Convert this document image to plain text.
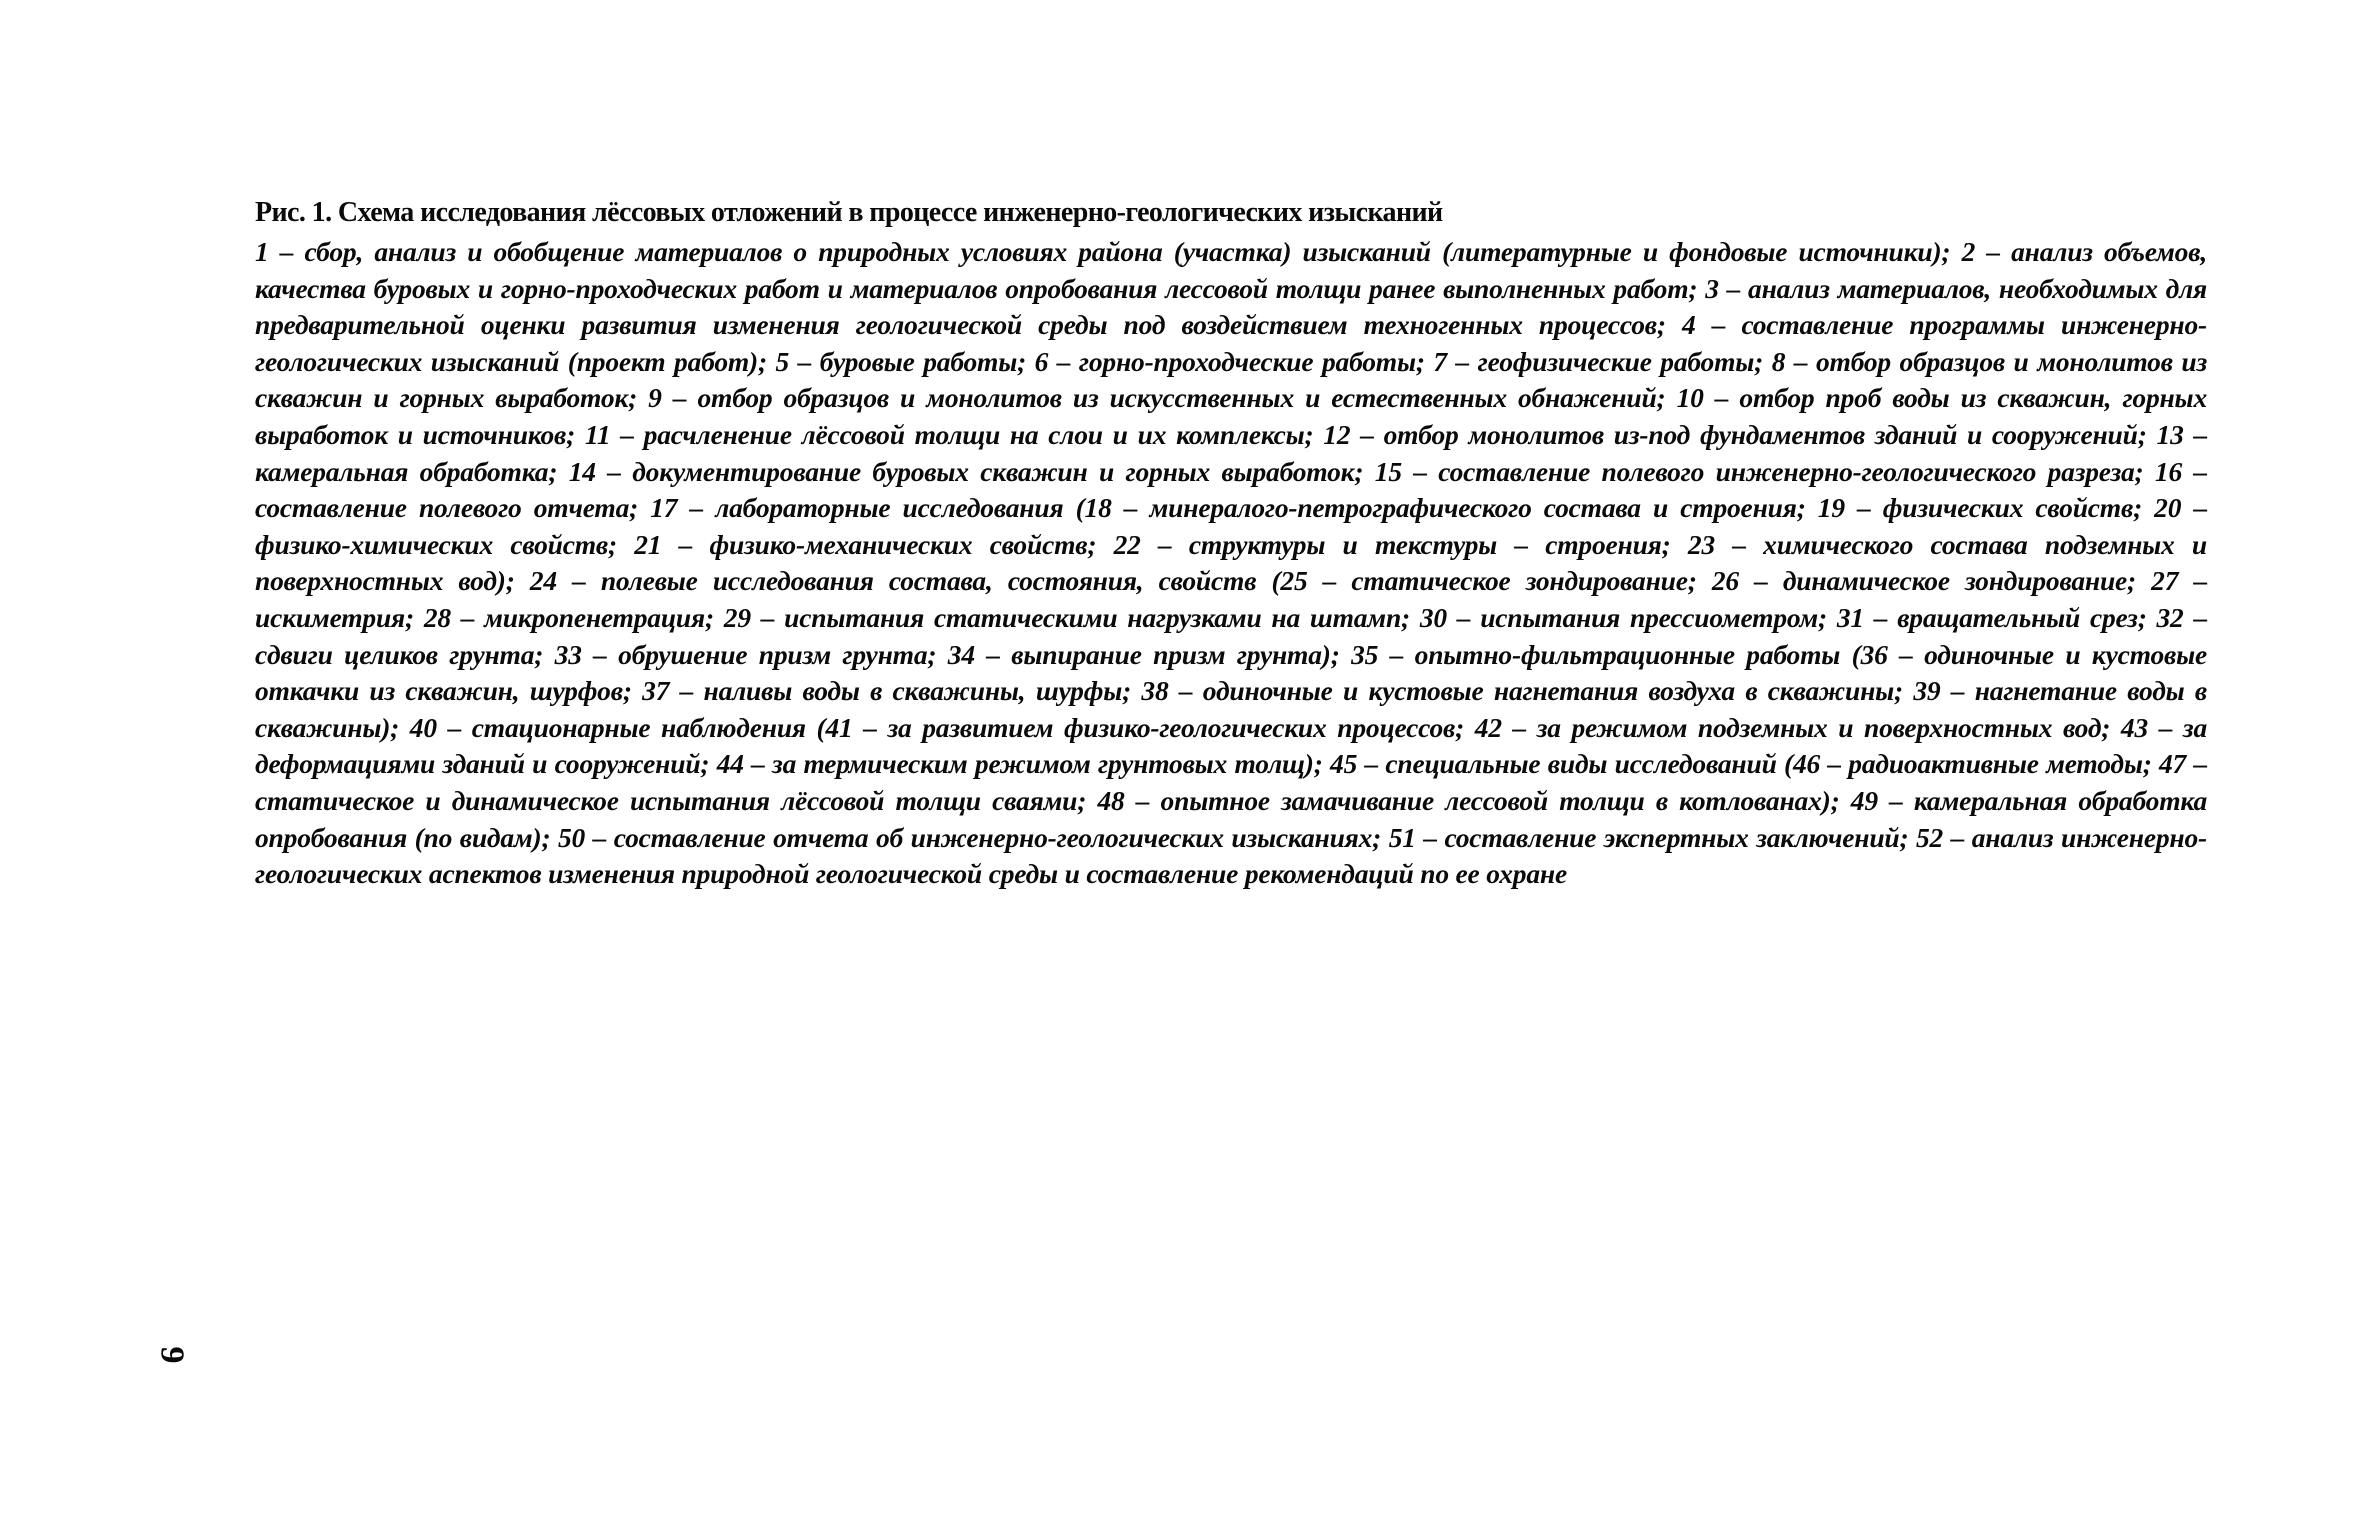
Рис. 1. Схема исследования лёссовых отложений в процессе инженерно-геологических изысканий

1 – сбор, анализ и обобщение материалов о природных условиях района (участка) изысканий (литературные и фондовые источники); 2 – анализ объемов, качества буровых и горно-проходческих работ и материалов опробования лессовой толщи ранее выполненных работ; 3 – анализ материалов, необходимых для предварительной оценки развития изменения геологической среды под воздействием техногенных процессов; 4 – составление программы инженерно-геологических изысканий (проект работ); 5 – буровые работы; 6 – горно-проходческие работы; 7 – геофизические работы; 8 – отбор образцов и монолитов из скважин и горных выработок; 9 – отбор образцов и монолитов из искусственных и естественных обнажений; 10 – отбор проб воды из скважин, горных выработок и источников; 11 – расчленение лёссовой толщи на слои и их комплексы; 12 – отбор монолитов из-под фундаментов зданий и сооружений; 13 – камеральная обработка; 14 – документирование буровых скважин и горных выработок; 15 – составление полевого инженерно-геологического разреза; 16 – составление полевого отчета; 17 – лабораторные исследования (18 – минералого-петрографического состава и строения; 19 – физических свойств; 20 – физико-химических свойств; 21 – физико-механических свойств; 22 – структуры и текстуры – строения; 23 – химического состава подземных и поверхностных вод); 24 – полевые исследования состава, состояния, свойств (25 – статическое зондирование; 26 – динамическое зондирование; 27 – искиметрия; 28 – микропенетрация; 29 – испытания статическими нагрузками на штамп; 30 – испытания прессиометром; 31 – вращательный срез; 32 – сдвиги целиков грунта; 33 – обрушение призм грунта; 34 – выпирание призм грунта); 35 – опытно-фильтрационные работы (36 – одиночные и кустовые откачки из скважин, шурфов; 37 – наливы воды в скважины, шурфы; 38 – одиночные и кустовые нагнетания воздуха в скважины; 39 – нагнетание воды в скважины); 40 – стационарные наблюдения (41 – за развитием физико-геологических процессов; 42 – за режимом подземных и поверхностных вод; 43 – за деформациями зданий и сооружений; 44 – за термическим режимом грунтовых толщ); 45 – специальные виды исследований (46 – радиоактивные методы; 47 – статическое и динамическое испытания лёссовой толщи сваями; 48 – опытное замачивание лессовой толщи в котлованах); 49 – камеральная обработка опробования (по видам); 50 – составление отчета об инженерно-геологических изысканиях; 51 – составление экспертных заключений; 52 – анализ инженерно-геологических аспектов изменения природной геологической среды и составление рекомендаций по ее охране

9
